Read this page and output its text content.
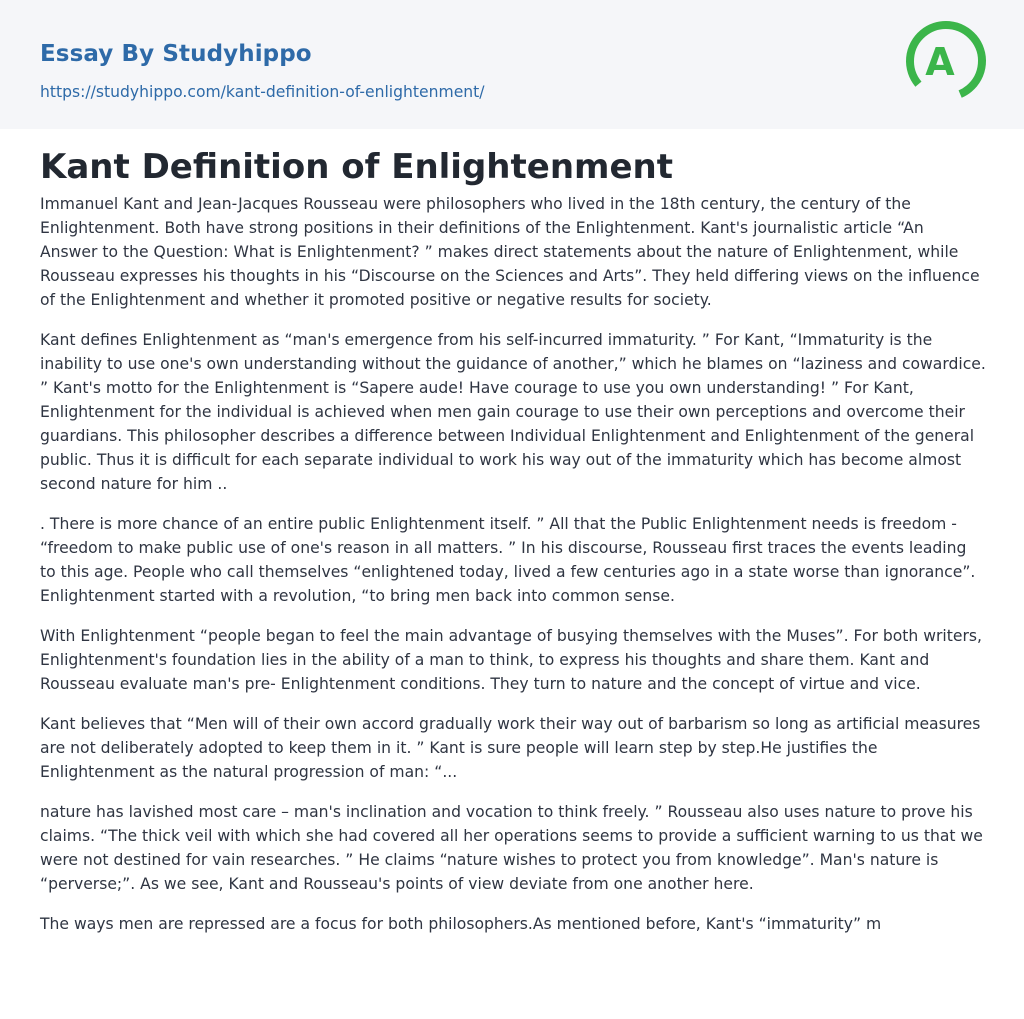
Essay By Studyhippo
https://studyhippo.com/kant-definition-of-enlightenment/
A
Kant Definition of Enlightenment

Immanuel Kant and Jean-Jacques Rousseau were philosophers who lived in the 18th century, the century of the Enlightenment. Both have strong positions in their definitions of the Enlightenment. Kant's journalistic article “An Answer to the Question: What is Enlightenment? ” makes direct statements about the nature of Enlightenment, while Rousseau expresses his thoughts in his “Discourse on the Sciences and Arts”. They held differing views on the influence of the Enlightenment and whether it promoted positive or negative results for society.

Kant defines Enlightenment as “man's emergence from his self-incurred immaturity. ” For Kant, “Immaturity is the inability to use one's own understanding without the guidance of another,” which he blames on “laziness and cowardice. ” Kant's motto for the Enlightenment is “Sapere aude! Have courage to use you own understanding! ” For Kant, Enlightenment for the individual is achieved when men gain courage to use their own perceptions and overcome their guardians. This philosopher describes a difference between Individual Enlightenment and Enlightenment of the general public. Thus it is difficult for each separate individual to work his way out of the immaturity which has become almost second nature for him ..

. There is more chance of an entire public Enlightenment itself. ” All that the Public Enlightenment needs is freedom - “freedom to make public use of one's reason in all matters. ” In his discourse, Rousseau first traces the events leading to this age. People who call themselves “enlightened today, lived a few centuries ago in a state worse than ignorance”. Enlightenment started with a revolution, “to bring men back into common sense.

With Enlightenment “people began to feel the main advantage of busying themselves with the Muses”. For both writers, Enlightenment's foundation lies in the ability of a man to think, to express his thoughts and share them. Kant and Rousseau evaluate man's pre- Enlightenment conditions. They turn to nature and the concept of virtue and vice.

Kant believes that “Men will of their own accord gradually work their way out of barbarism so long as artificial measures are not deliberately adopted to keep them in it. ” Kant is sure people will learn step by step.He justifies the Enlightenment as the natural progression of man: “...

nature has lavished most care – man's inclination and vocation to think freely. ” Rousseau also uses nature to prove his claims. “The thick veil with which she had covered all her operations seems to provide a sufficient warning to us that we were not destined for vain researches. ” He claims “nature wishes to protect you from knowledge”. Man's nature is “perverse;”. As we see, Kant and Rousseau's points of view deviate from one another here.

The ways men are repressed are a focus for both philosophers.As mentioned before, Kant's “immaturity” m
